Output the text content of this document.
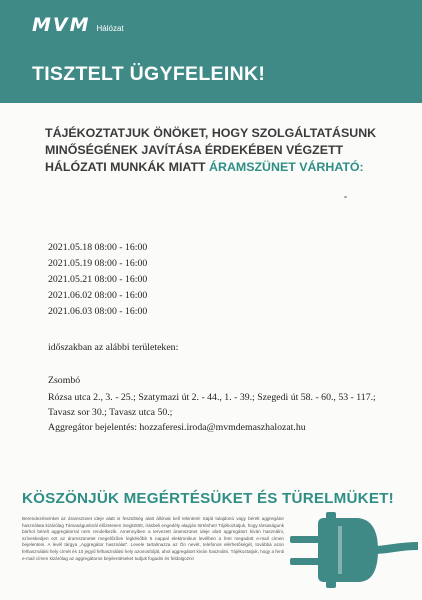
MVM Hálózat
TISZTELT ÜGYFELEINK!
TÁJÉKOZTATJUK ÖNÖKET, HOGY SZOLGÁLTATÁSUNK MINŐSÉGÉNEK JAVÍTÁSA ÉRDEKÉBEN VÉGZETT HÁLÓZATI MUNKÁK MIATT ÁRAMSZÜNET VÁRHATÓ:
2021.05.18 08:00 - 16:00
2021.05.19 08:00 - 16:00
2021.05.21 08:00 - 16:00
2021.06.02 08:00 - 16:00
2021.06.03 08:00 - 16:00
időszakban az alábbi területeken:
Zsombó
Rózsa utca 2., 3. - 25.; Szatymazi út 2. - 44., 1. - 39.; Szegedi út 58. - 60., 53 - 117.; Tavasz sor 30.; Tavasz utca 50.;
Aggregátor bejelentés: hozzaferesi.iroda@mvmdemaszhalozat.hu
KÖSZÖNJÜK MEGÉRTÉSÜKET ÉS TÜRELMÜKET!
Berendezéseinket az áramszünet ideje alatt is feszültség alatt állónak kell tekinteni! Saját tulajdonú vagy bérelt aggregátor használata kizárólag Társaságunknál előzetesen megkötött, írásbeli engedély alapján történhet! Tájékoztatjuk, hogy társaságunk bárhol bérelt aggregátorral nem rendelkezik. Amennyiben a tervezett áramszünet ideje alatt aggregátort kíván használni, szíveskedjen ezt az áramszünetet megelőzően legkésőbb 5 nappal elektronikus levélben a fent megadott e-mail címen bejelenteni. A levél tárgya „Aggregátor használat”. Levele tartalmazza az Ön nevét, telefonos elérhetőségét, továbbá azon felhasználási hely címét és 10 jegyű felhasználási hely azonosítóját, ahol aggregátort kíván használni. Tájékoztatjuk, hogy a fenti e-mail címen kizárólag az aggregátoros bejelentéseket tudjuk fogadni és feldolgozni!
